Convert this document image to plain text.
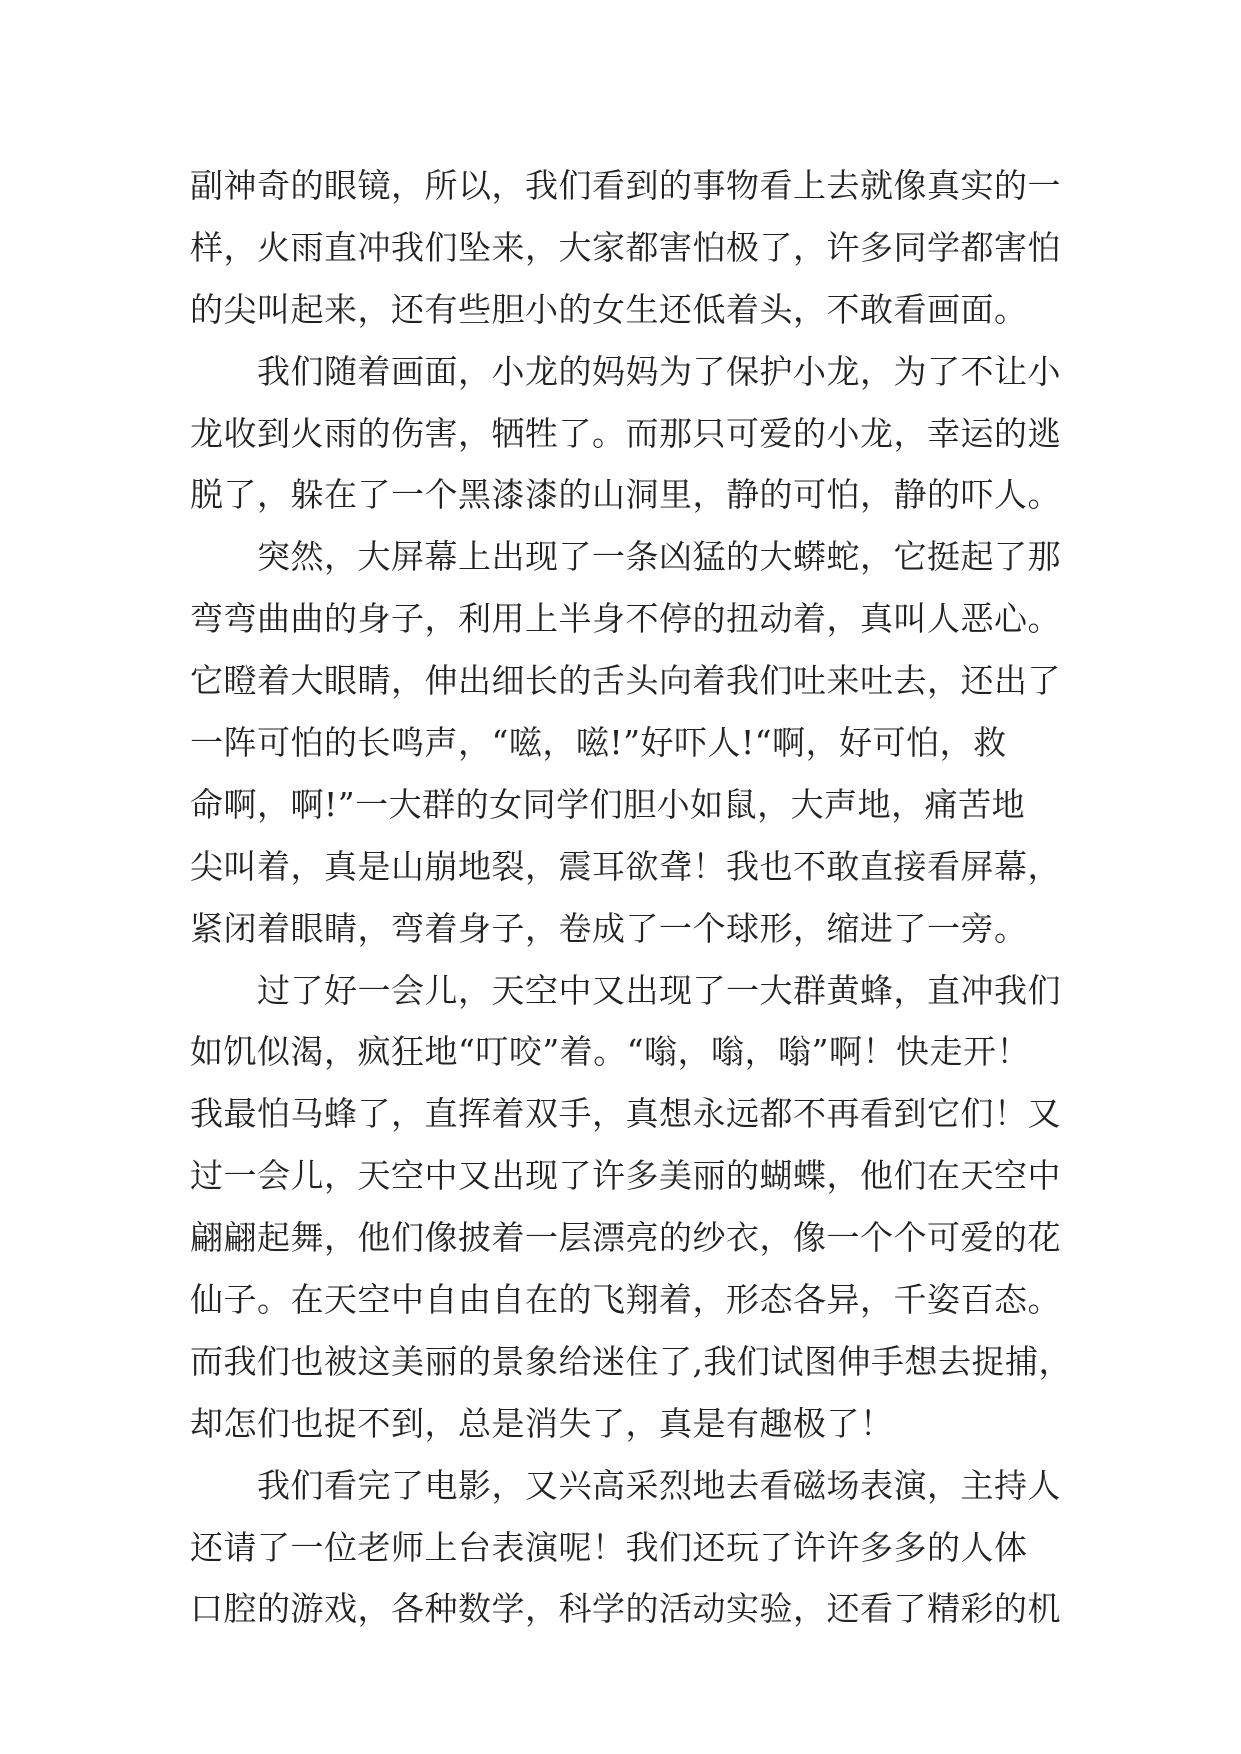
副神奇的眼镜，所以，我们看到的事物看上去就像真实的一
样，火雨直冲我们坠来，大家都害怕极了，许多同学都害怕
的尖叫起来，还有些胆小的女生还低着头，不敢看画面。
　　我们随着画面，小龙的妈妈为了保护小龙，为了不让小
龙收到火雨的伤害，牺牲了。而那只可爱的小龙，幸运的逃
脱了，躲在了一个黑漆漆的山洞里，静的可怕，静的吓人。
　　突然，大屏幕上出现了一条凶猛的大蟒蛇，它挺起了那
弯弯曲曲的身子，利用上半身不停的扭动着，真叫人恶心。
它瞪着大眼睛，伸出细长的舌头向着我们吐来吐去，还出了
一阵可怕的长鸣声，“嗞，嗞!”好吓人!“啊，好可怕，救
命啊，啊!”一大群的女同学们胆小如鼠，大声地，痛苦地
尖叫着，真是山崩地裂，震耳欲聋！我也不敢直接看屏幕，
紧闭着眼睛，弯着身子，卷成了一个球形，缩进了一旁。
　　过了好一会儿，天空中又出现了一大群黄蜂，直冲我们
如饥似渴，疯狂地“叮咬”着。“嗡，嗡，嗡”啊！快走开！
我最怕马蜂了，直挥着双手，真想永远都不再看到它们！又
过一会儿，天空中又出现了许多美丽的蝴蝶，他们在天空中
翩翩起舞，他们像披着一层漂亮的纱衣，像一个个可爱的花
仙子。在天空中自由自在的飞翔着，形态各异，千姿百态。
而我们也被这美丽的景象给迷住了,我们试图伸手想去捉捕，
却怎们也捉不到，总是消失了，真是有趣极了！
　　我们看完了电影，又兴高采烈地去看磁场表演，主持人
还请了一位老师上台表演呢！我们还玩了许许多多的人体
口腔的游戏，各种数学，科学的活动实验，还看了精彩的机
